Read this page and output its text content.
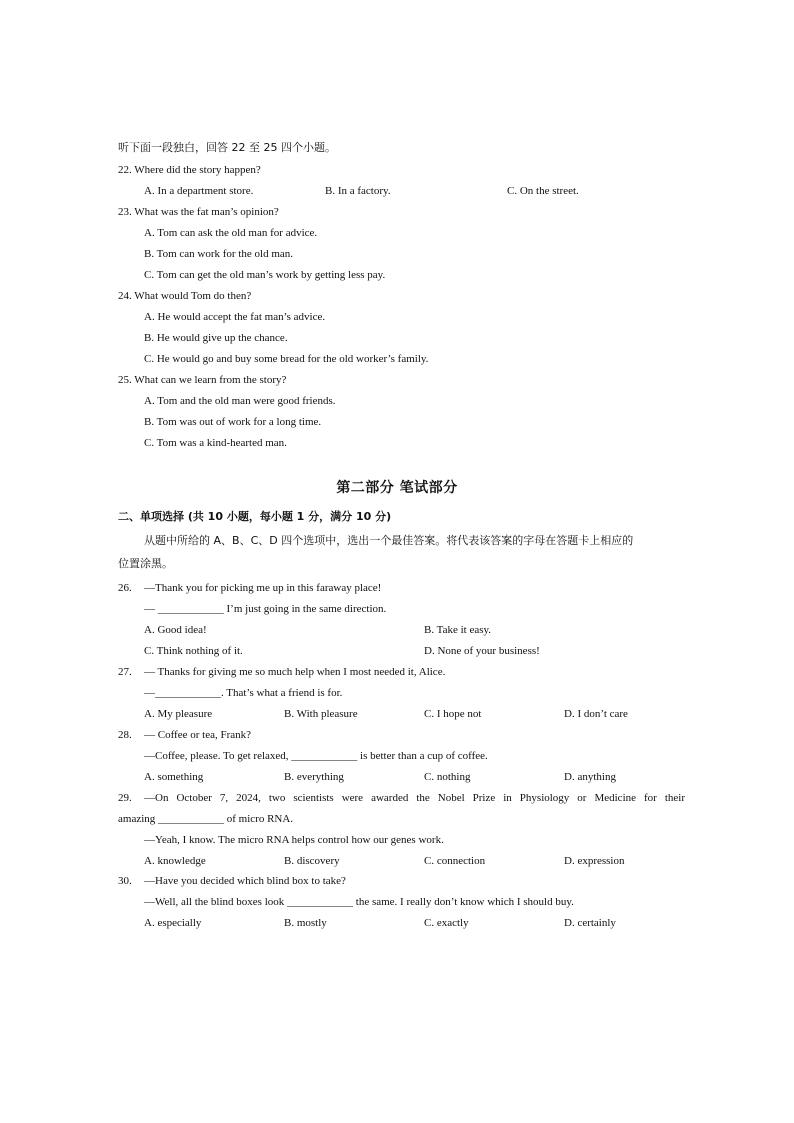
听下面一段独白，回答 22 至 25 四个小题。
22. Where did the story happen?
A. In a department store.	B. In a factory.	C. On the street.
23. What was the fat man’s opinion?
A. Tom can ask the old man for advice.
B. Tom can work for the old man.
C. Tom can get the old man’s work by getting less pay.
24. What would Tom do then?
A. He would accept the fat man’s advice.
B. He would give up the chance.
C. He would go and buy some bread for the old worker’s family.
25. What can we learn from the story?
A. Tom and the old man were good friends.
B. Tom was out of work for a long time.
C. Tom was a kind-hearted man.
第二部分 笔试部分
二、单项选择 (共 10 小题，每小题 1 分，满分 10 分)
从题中所给的 A、B、C、D 四个选项中，选出一个最佳答案。将代表该答案的字母在答题卡上相应的
位置涂黑。
26. —Thank you for picking me up in this faraway place!
— ____________ I’m just going in the same direction.
A. Good idea!	B. Take it easy.
C. Think nothing of it.	D. None of your business!
27. — Thanks for giving me so much help when I most needed it, Alice.
—____________. That’s what a friend is for.
A. My pleasure	B. With pleasure	C. I hope not	D. I don’t care
28. — Coffee or tea, Frank?
—Coffee, please. To get relaxed, ____________ is better than a cup of coffee.
A. something	B. everything	C. nothing	D. anything
29. —On October 7, 2024, two scientists were awarded the Nobel Prize in Physiology or Medicine for their
amazing ____________ of micro RNA.
—Yeah, I know. The micro RNA helps control how our genes work.
A. knowledge	B. discovery	C. connection	D. expression
30. —Have you decided which blind box to take?
—Well, all the blind boxes look ____________ the same. I really don’t know which I should buy.
A. especially	B. mostly	C. exactly	D. certainly
